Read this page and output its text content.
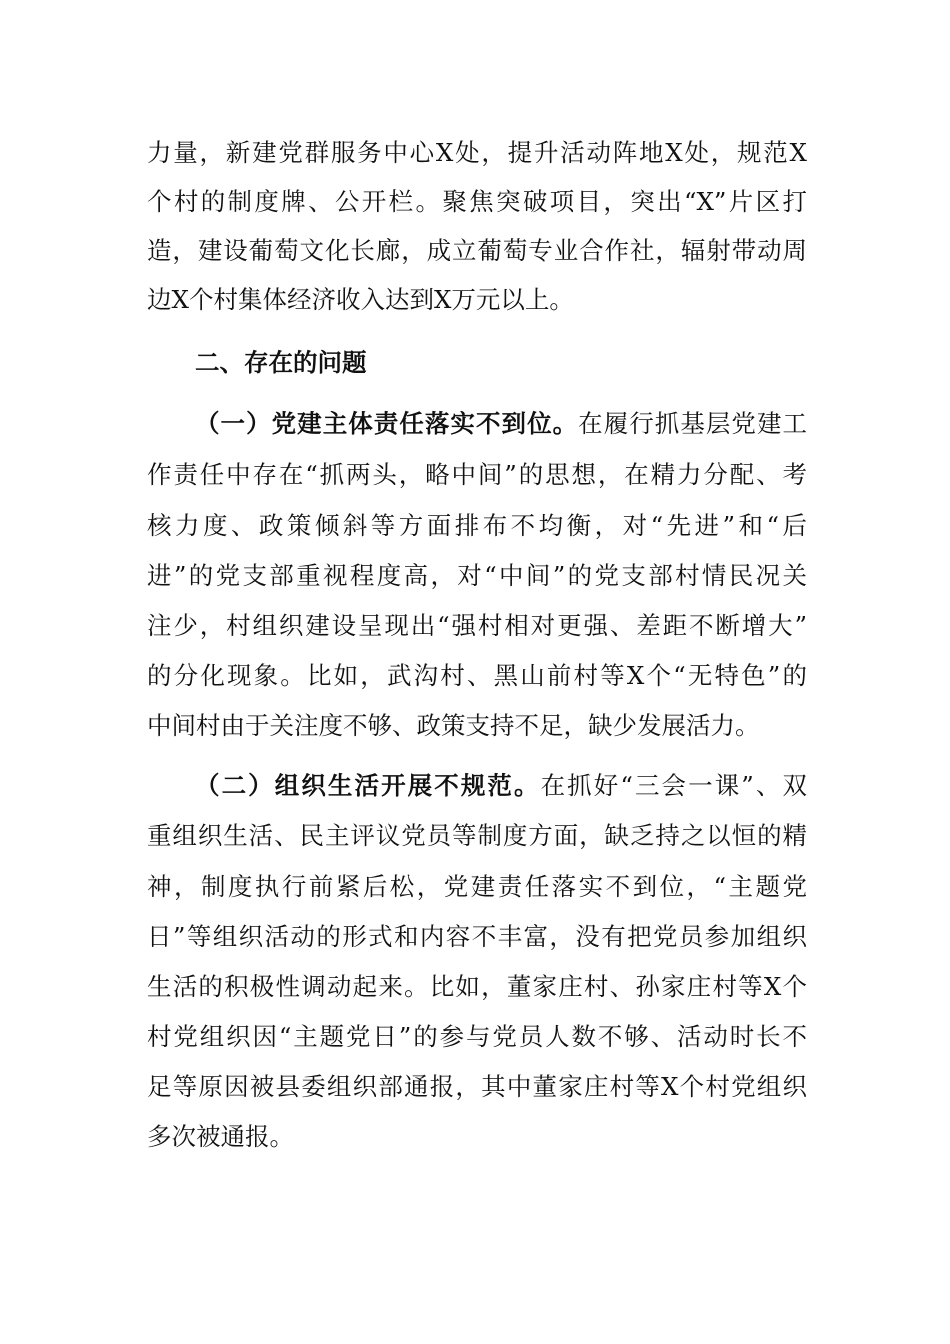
力量，新建党群服务中心X处，提升活动阵地X处，规范X
个村的制度牌、公开栏。聚焦突破项目，突出“X”片区打
造，建设葡萄文化长廊，成立葡萄专业合作社，辐射带动周
边X个村集体经济收入达到X万元以上。
二、存在的问题
（一）党建主体责任落实不到位。在履行抓基层党建工
作责任中存在“抓两头，略中间”的思想，在精力分配、考
核力度、政策倾斜等方面排布不均衡，对“先进”和“后
进”的党支部重视程度高，对“中间”的党支部村情民况关
注少，村组织建设呈现出“强村相对更强、差距不断增大”
的分化现象。比如，武沟村、黑山前村等X个“无特色”的
中间村由于关注度不够、政策支持不足，缺少发展活力。
（二）组织生活开展不规范。在抓好“三会一课”、双
重组织生活、民主评议党员等制度方面，缺乏持之以恒的精
神，制度执行前紧后松，党建责任落实不到位，“主题党
日”等组织活动的形式和内容不丰富，没有把党员参加组织
生活的积极性调动起来。比如，董家庄村、孙家庄村等X个
村党组织因“主题党日”的参与党员人数不够、活动时长不
足等原因被县委组织部通报，其中董家庄村等X个村党组织
多次被通报。
